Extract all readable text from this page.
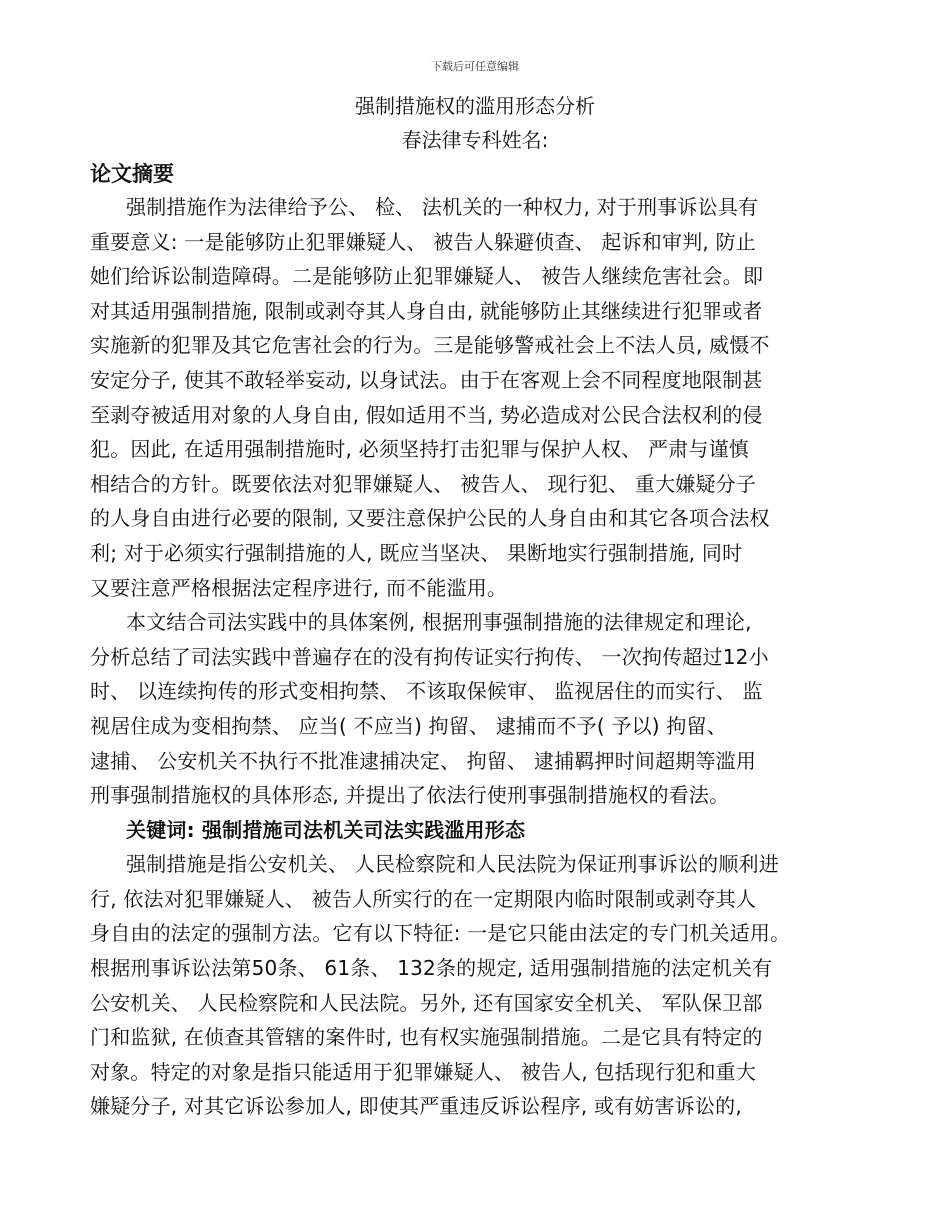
下载后可任意编辑
强制措施权的滥用形态分析
春法律专科姓名:
论文摘要
强制措施作为法律给予公、 检、 法机关的一种权力, 对于刑事诉讼具有
重要意义: 一是能够防止犯罪嫌疑人、 被告人躲避侦查、 起诉和审判, 防止
她们给诉讼制造障碍。二是能够防止犯罪嫌疑人、 被告人继续危害社会。即
对其适用强制措施, 限制或剥夺其人身自由, 就能够防止其继续进行犯罪或者
实施新的犯罪及其它危害社会的行为。三是能够警戒社会上不法人员, 威慑不
安定分子, 使其不敢轻举妄动, 以身试法。由于在客观上会不同程度地限制甚
至剥夺被适用对象的人身自由, 假如适用不当, 势必造成对公民合法权利的侵
犯。因此, 在适用强制措施时, 必须坚持打击犯罪与保护人权、 严肃与谨慎
相结合的方针。既要依法对犯罪嫌疑人、 被告人、 现行犯、 重大嫌疑分子
的人身自由进行必要的限制, 又要注意保护公民的人身自由和其它各项合法权
利; 对于必须实行强制措施的人, 既应当坚决、 果断地实行强制措施, 同时
又要注意严格根据法定程序进行, 而不能滥用。
本文结合司法实践中的具体案例, 根据刑事强制措施的法律规定和理论,
分析总结了司法实践中普遍存在的没有拘传证实行拘传、 一次拘传超过12小
时、 以连续拘传的形式变相拘禁、 不该取保候审、 监视居住的而实行、 监
视居住成为变相拘禁、 应当( 不应当) 拘留、 逮捕而不予( 予以) 拘留、
逮捕、 公安机关不执行不批准逮捕决定、 拘留、 逮捕羁押时间超期等滥用
刑事强制措施权的具体形态, 并提出了依法行使刑事强制措施权的看法。
关键词: 强制措施司法机关司法实践滥用形态
强制措施是指公安机关、 人民检察院和人民法院为保证刑事诉讼的顺利进
行, 依法对犯罪嫌疑人、 被告人所实行的在一定期限内临时限制或剥夺其人
身自由的法定的强制方法。它有以下特征: 一是它只能由法定的专门机关适用。
根据刑事诉讼法第50条、 61条、 132条的规定, 适用强制措施的法定机关有
公安机关、 人民检察院和人民法院。另外, 还有国家安全机关、 军队保卫部
门和监狱, 在侦查其管辖的案件时, 也有权实施强制措施。二是它具有特定的
对象。特定的对象是指只能适用于犯罪嫌疑人、 被告人, 包括现行犯和重大
嫌疑分子, 对其它诉讼参加人, 即使其严重违反诉讼程序, 或有妨害诉讼的,
